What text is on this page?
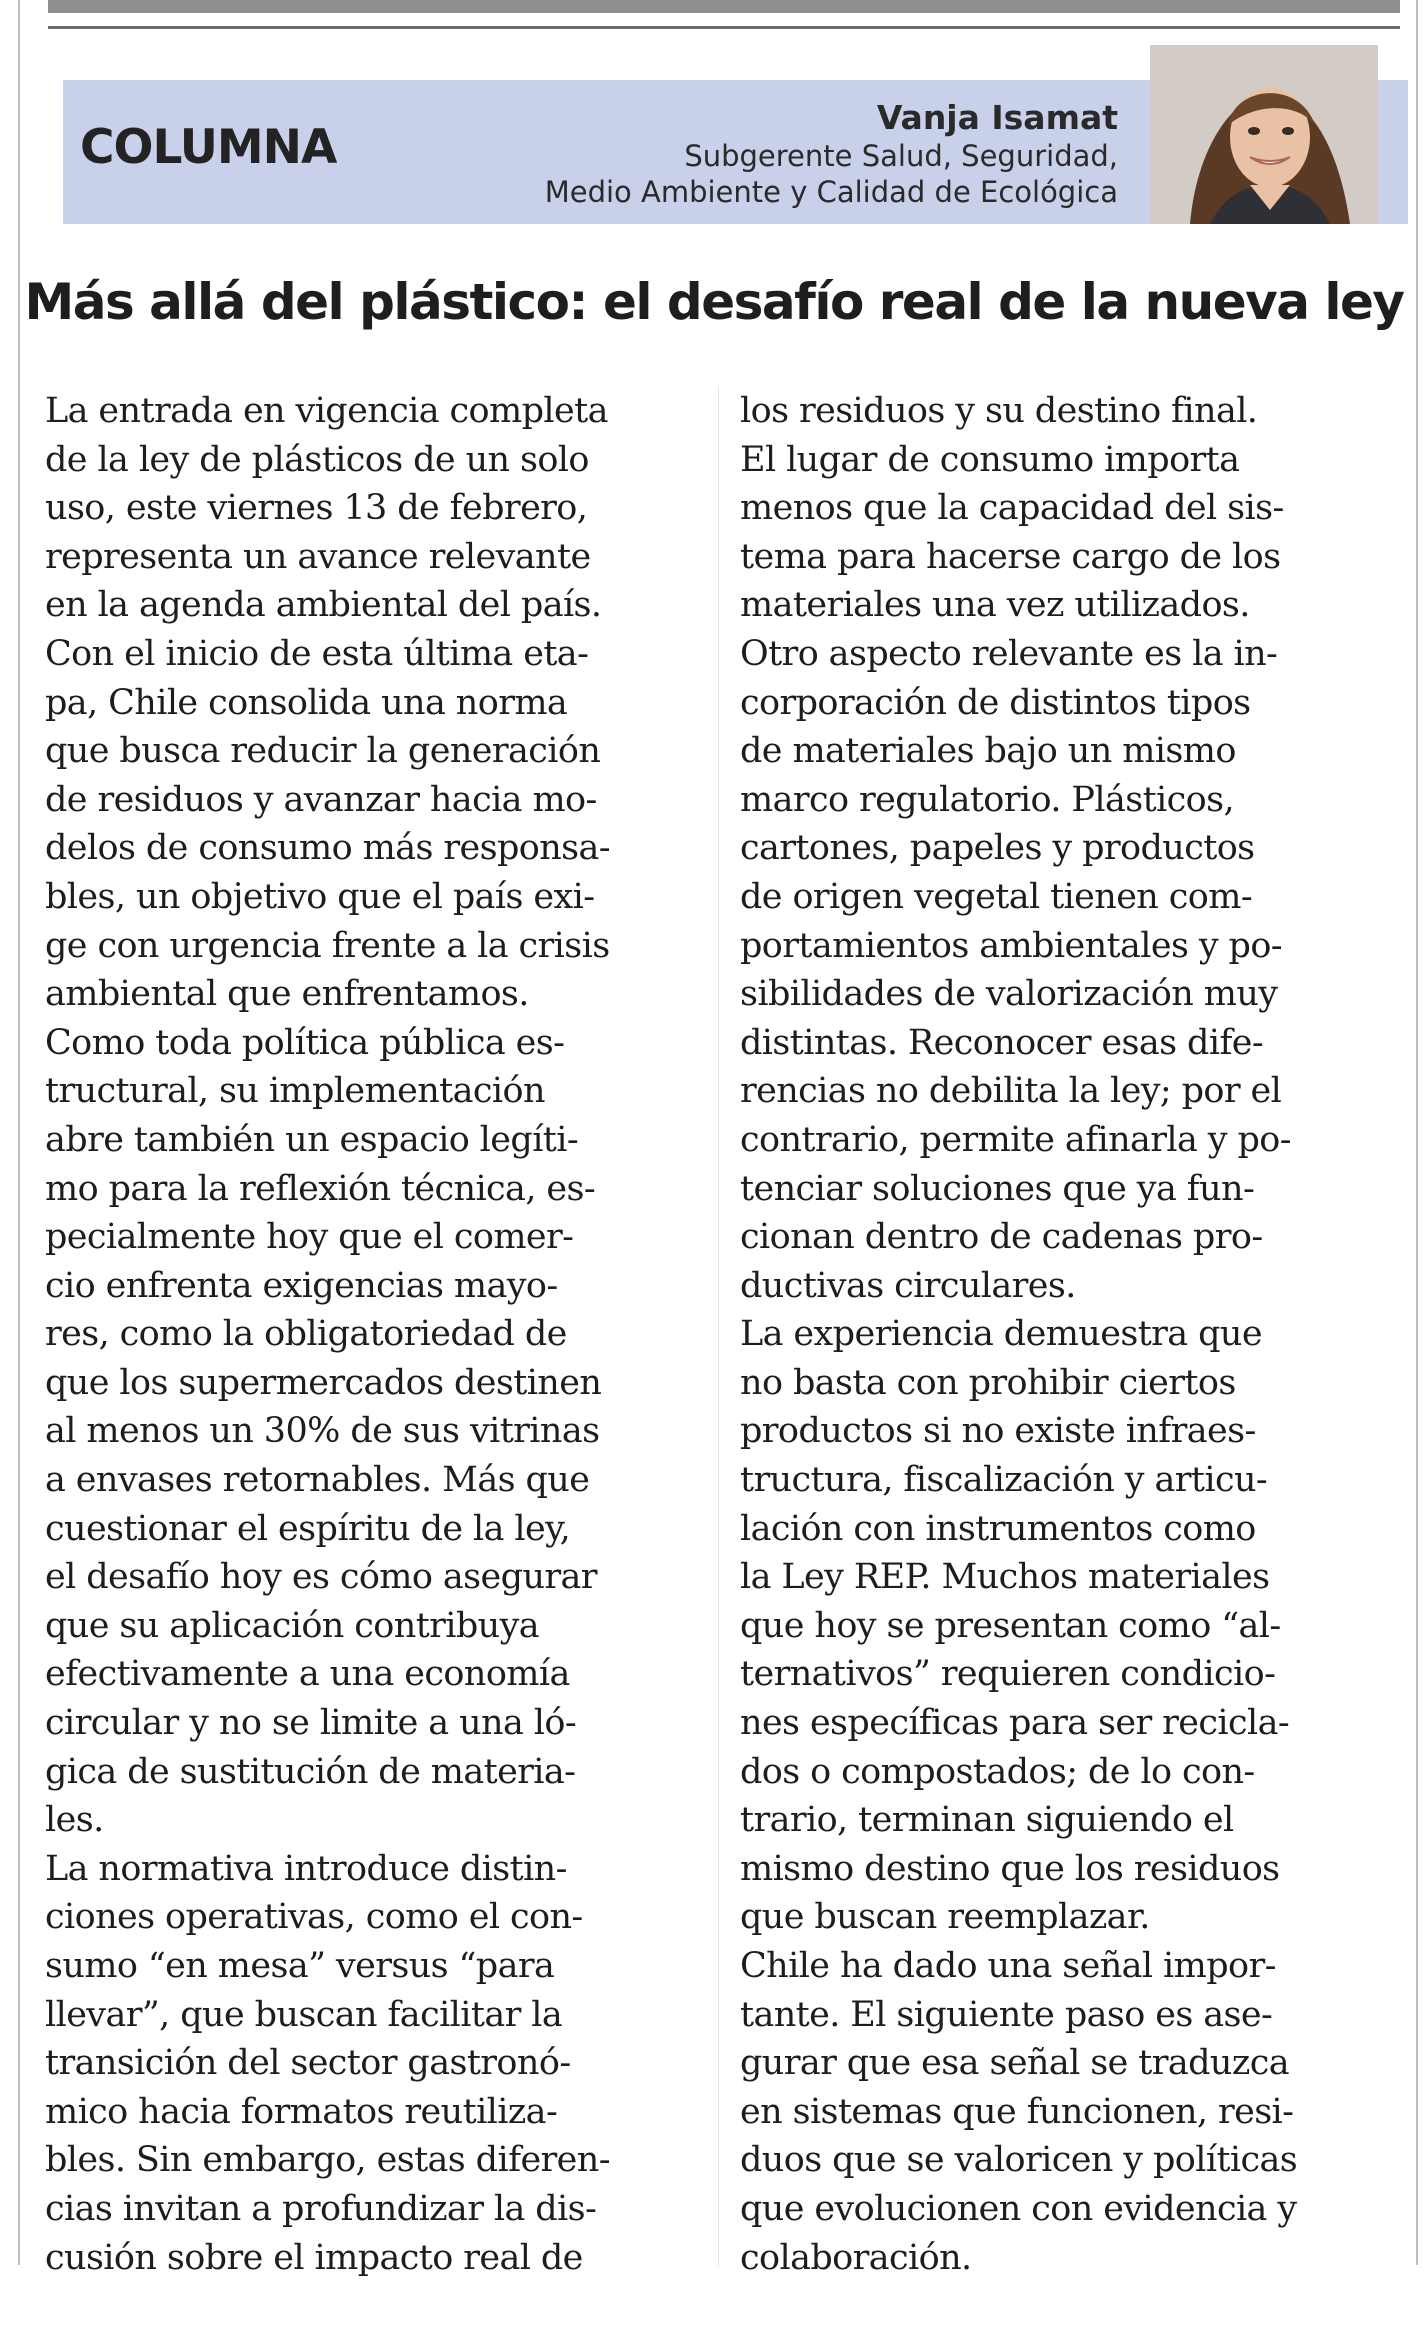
COLUMNA
Vanja Isamat
Subgerente Salud, Seguridad,
Medio Ambiente y Calidad de Ecológica
Más allá del plástico: el desafío real de la nueva ley
La entrada en vigencia completa
de la ley de plásticos de un solo
uso, este viernes 13 de febrero,
representa un avance relevante
en la agenda ambiental del país.
Con el inicio de esta última eta-
pa, Chile consolida una norma
que busca reducir la generación
de residuos y avanzar hacia mo-
delos de consumo más responsa-
bles, un objetivo que el país exi-
ge con urgencia frente a la crisis
ambiental que enfrentamos.
Como toda política pública es-
tructural, su implementación
abre también un espacio legíti-
mo para la reflexión técnica, es-
pecialmente hoy que el comer-
cio enfrenta exigencias mayo-
res, como la obligatoriedad de
que los supermercados destinen
al menos un 30% de sus vitrinas
a envases retornables. Más que
cuestionar el espíritu de la ley,
el desafío hoy es cómo asegurar
que su aplicación contribuya
efectivamente a una economía
circular y no se limite a una ló-
gica de sustitución de materia-
les.
La normativa introduce distin-
ciones operativas, como el con-
sumo “en mesa” versus “para
llevar”, que buscan facilitar la
transición del sector gastronó-
mico hacia formatos reutiliza-
bles. Sin embargo, estas diferen-
cias invitan a profundizar la dis-
cusión sobre el impacto real de
los residuos y su destino final.
El lugar de consumo importa
menos que la capacidad del sis-
tema para hacerse cargo de los
materiales una vez utilizados.
Otro aspecto relevante es la in-
corporación de distintos tipos
de materiales bajo un mismo
marco regulatorio. Plásticos,
cartones, papeles y productos
de origen vegetal tienen com-
portamientos ambientales y po-
sibilidades de valorización muy
distintas. Reconocer esas dife-
rencias no debilita la ley; por el
contrario, permite afinarla y po-
tenciar soluciones que ya fun-
cionan dentro de cadenas pro-
ductivas circulares.
La experiencia demuestra que
no basta con prohibir ciertos
productos si no existe infraes-
tructura, fiscalización y articu-
lación con instrumentos como
la Ley REP. Muchos materiales
que hoy se presentan como “al-
ternativos” requieren condicio-
nes específicas para ser recicla-
dos o compostados; de lo con-
trario, terminan siguiendo el
mismo destino que los residuos
que buscan reemplazar.
Chile ha dado una señal impor-
tante. El siguiente paso es ase-
gurar que esa señal se traduzca
en sistemas que funcionen, resi-
duos que se valoricen y políticas
que evolucionen con evidencia y
colaboración.
